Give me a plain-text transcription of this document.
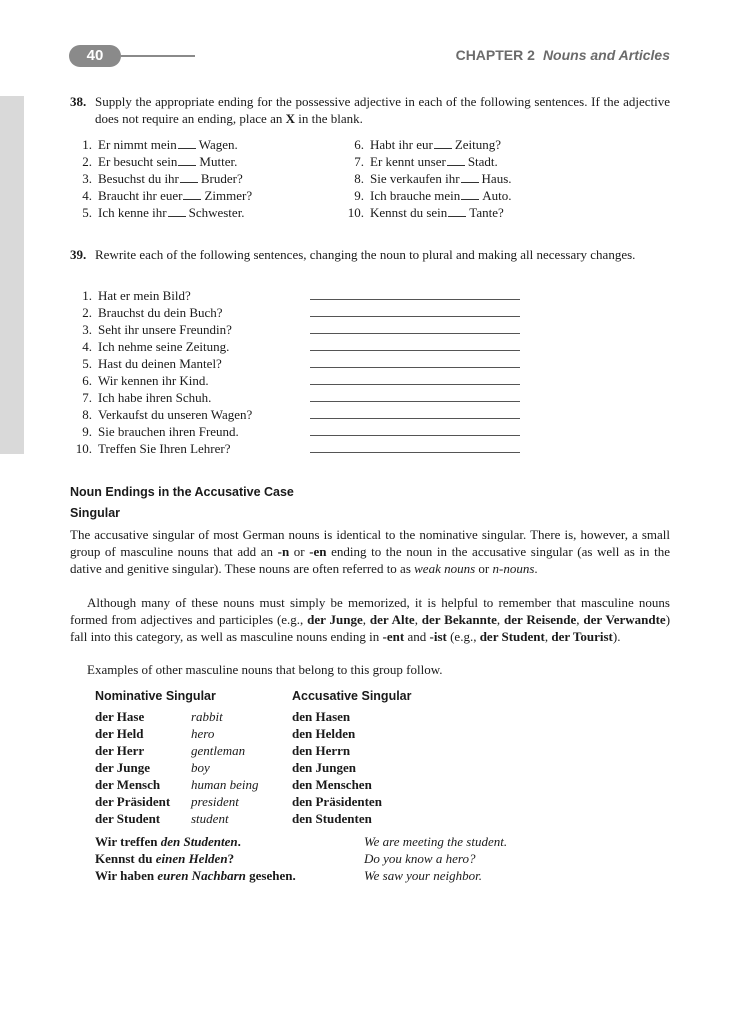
40	CHAPTER 2 Nouns and Articles
38. Supply the appropriate ending for the possessive adjective in each of the following sentences. If the adjective does not require an ending, place an X in the blank.
1. Er nimmt mein Wagen.
2. Er besucht sein Mutter.
3. Besuchst du ihr Bruder?
4. Braucht ihr euer Zimmer?
5. Ich kenne ihr Schwester.
6. Habt ihr eur Zeitung?
7. Er kennt unser Stadt.
8. Sie verkaufen ihr Haus.
9. Ich brauche mein Auto.
10. Kennst du sein Tante?
39. Rewrite each of the following sentences, changing the noun to plural and making all necessary changes.
1. Hat er mein Bild?
2. Brauchst du dein Buch?
3. Seht ihr unsere Freundin?
4. Ich nehme seine Zeitung.
5. Hast du deinen Mantel?
6. Wir kennen ihr Kind.
7. Ich habe ihren Schuh.
8. Verkaufst du unseren Wagen?
9. Sie brauchen ihren Freund.
10. Treffen Sie Ihren Lehrer?
Noun Endings in the Accusative Case
Singular
The accusative singular of most German nouns is identical to the nominative singular. There is, however, a small group of masculine nouns that add an -n or -en ending to the noun in the accusative singular (as well as in the dative and genitive singular). These nouns are often referred to as weak nouns or n-nouns.
Although many of these nouns must simply be memorized, it is helpful to remember that masculine nouns formed from adjectives and participles (e.g., der Junge, der Alte, der Bekannte, der Reisende, der Verwandte) fall into this category, as well as masculine nouns ending in -ent and -ist (e.g., der Student, der Tourist).
Examples of other masculine nouns that belong to this group follow.
Nominative Singular	Accusative Singular
der Hase
der Held
der Herr
der Junge
der Mensch
der Präsident
der Student
rabbit
hero
gentleman
boy
human being
president
student
den Hasen
den Helden
den Herrn
den Jungen
den Menschen
den Präsidenten
den Studenten
Wir treffen den Studenten.
Kennst du einen Helden?
Wir haben euren Nachbarn gesehen.
We are meeting the student.
Do you know a hero?
We saw your neighbor.
